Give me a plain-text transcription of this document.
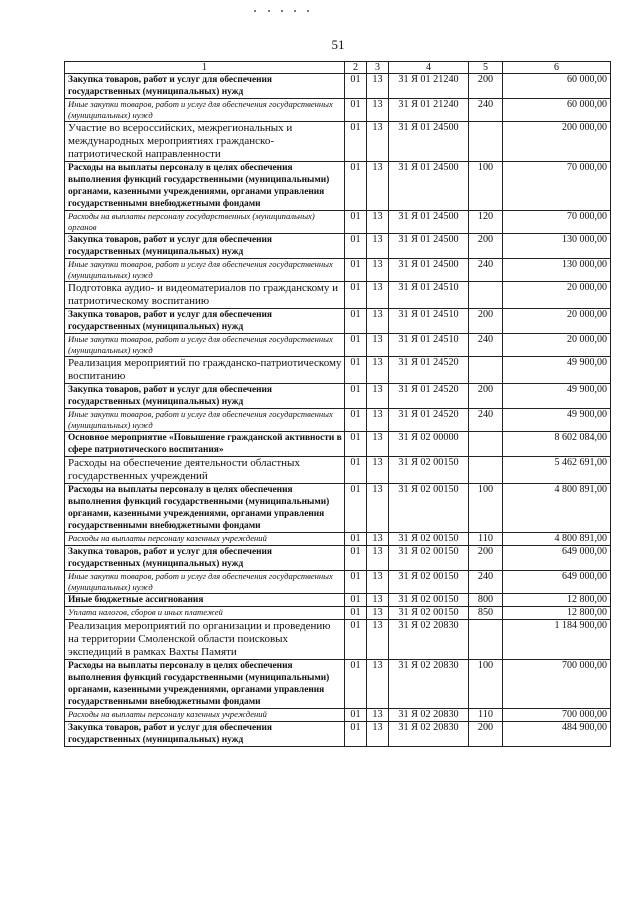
51
1	2	3	4	5	6
Закупка товаров, работ и услуг для обеспечения государственных (муниципальных) нужд	01	13	31 Я 01 21240	200	60 000,00
Иные закупки товаров, работ и услуг для обеспечения государственных (муниципальных) нужд	01	13	31 Я 01 21240	240	60 000,00
Участие во всероссийских, межрегиональных и международных мероприятиях гражданско-патриотической направленности	01	13	31 Я 01 24500		200 000,00
Расходы на выплаты персоналу в целях обеспечения выполнения функций государственными (муниципальными) органами, казенными учреждениями, органами управления государственными внебюджетными фондами	01	13	31 Я 01 24500	100	70 000,00
Расходы на выплаты персоналу государственных (муниципальных) органов	01	13	31 Я 01 24500	120	70 000,00
Закупка товаров, работ и услуг для обеспечения государственных (муниципальных) нужд	01	13	31 Я 01 24500	200	130 000,00
Иные закупки товаров, работ и услуг для обеспечения государственных (муниципальных) нужд	01	13	31 Я 01 24500	240	130 000,00
Подготовка аудио- и видеоматериалов по гражданскому и патриотическому воспитанию	01	13	31 Я 01 24510		20 000,00
Закупка товаров, работ и услуг для обеспечения государственных (муниципальных) нужд	01	13	31 Я 01 24510	200	20 000,00
Иные закупки товаров, работ и услуг для обеспечения государственных (муниципальных) нужд	01	13	31 Я 01 24510	240	20 000,00
Реализация мероприятий по гражданско-патриотическому воспитанию	01	13	31 Я 01 24520		49 900,00
Закупка товаров, работ и услуг для обеспечения государственных (муниципальных) нужд	01	13	31 Я 01 24520	200	49 900,00
Иные закупки товаров, работ и услуг для обеспечения государственных (муниципальных) нужд	01	13	31 Я 01 24520	240	49 900,00
Основное мероприятие «Повышение гражданской активности в сфере патриотического воспитания»	01	13	31 Я 02 00000		8 602 084,00
Расходы на обеспечение деятельности областных государственных учреждений	01	13	31 Я 02 00150		5 462 691,00
Расходы на выплаты персоналу в целях обеспечения выполнения функций государственными (муниципальными) органами, казенными учреждениями, органами управления государственными внебюджетными фондами	01	13	31 Я 02 00150	100	4 800 891,00
Расходы на выплаты персоналу казенных учреждений	01	13	31 Я 02 00150	110	4 800 891,00
Закупка товаров, работ и услуг для обеспечения государственных (муниципальных) нужд	01	13	31 Я 02 00150	200	649 000,00
Иные закупки товаров, работ и услуг для обеспечения государственных (муниципальных) нужд	01	13	31 Я 02 00150	240	649 000,00
Иные бюджетные ассигнования	01	13	31 Я 02 00150	800	12 800,00
Уплата налогов, сборов и иных платежей	01	13	31 Я 02 00150	850	12 800,00
Реализация мероприятий по организации и проведению на территории Смоленской области поисковых экспедиций в рамках Вахты Памяти	01	13	31 Я 02 20830		1 184 900,00
Расходы на выплаты персоналу в целях обеспечения выполнения функций государственными (муниципальными) органами, казенными учреждениями, органами управления государственными внебюджетными фондами	01	13	31 Я 02 20830	100	700 000,00
Расходы на выплаты персоналу казенных учреждений	01	13	31 Я 02 20830	110	700 000,00
Закупка товаров, работ и услуг для обеспечения государственных (муниципальных) нужд	01	13	31 Я 02 20830	200	484 900,00
